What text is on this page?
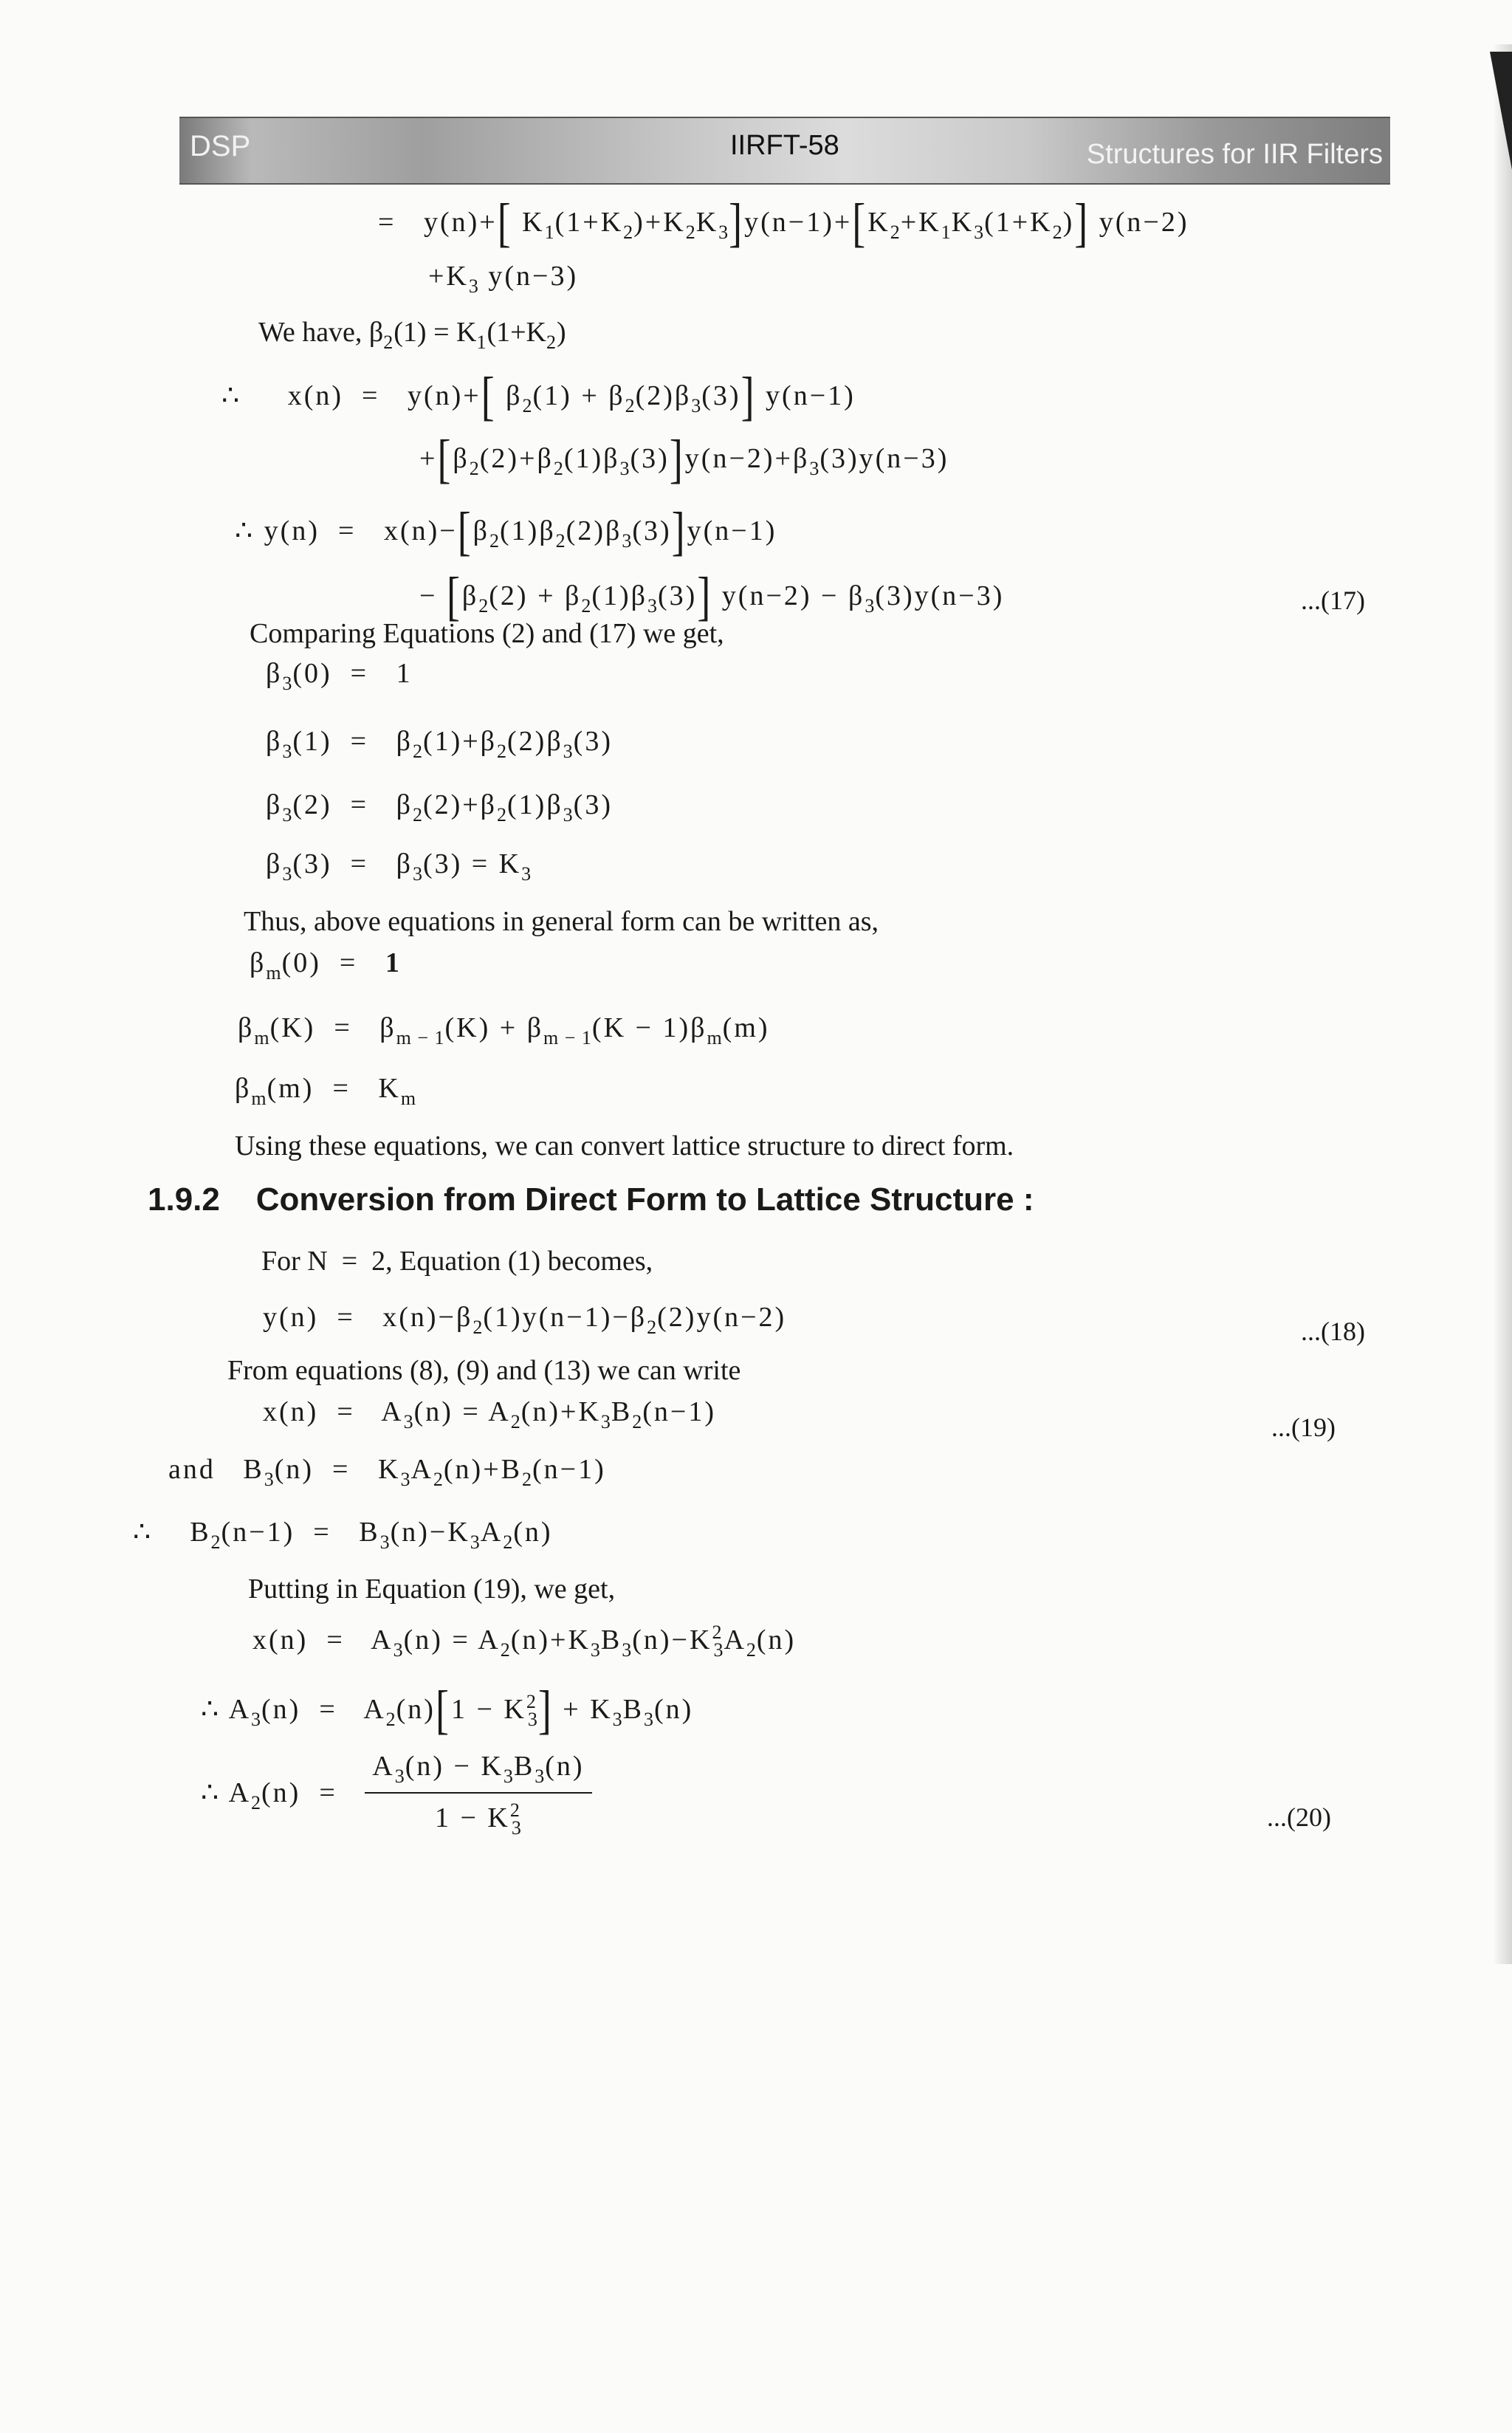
DSP	IIRFT-58	Structures for IIR Filters
= y(n)+[ $K_1(1+K_2)+K_2K_3]y(n-1)+[K_2+K_1K_3(1+K_2)]$ y(n−2)
$+K_3$ y(n−3)
We have, $\beta_2(1) = K_1(1+K_2)$
∴ x(n) = y(n)+[ $\beta_2(1) + \beta_2(2)\beta_3(3)$] y(n−1)
$+[\beta_2(2)+\beta_2(1)\beta_3(3)]y(n-2)+\beta_3(3)y(n-3)$
∴ $y(n) = x(n)-[\beta_2(1)\beta_2(2)\beta_3(3)]y(n-1)$
− $[\beta_2(2) + \beta_2(1)\beta_3(3)] y(n-2) - \beta_3(3)y(n-3)$	...(17)
Comparing Equations (2) and (17) we get,
$\beta_3(0) = 1$
$\beta_3(1) = \beta_2(1)+\beta_2(2)\beta_3(3)$
$\beta_3(2) = \beta_2(2)+\beta_2(1)\beta_3(3)$
$\beta_3(3) = \beta_3(3) = K_3$
Thus, above equations in general form can be written as,
$\beta_m(0) = 1$
$\beta_m(K) = \beta_{m - 1}(K) + \beta_{m - 1}(K - 1)\beta_m(m)$
$\beta_m(m) = K_m$
Using these equations, we can convert lattice structure to direct form.
1.9.2 Conversion from Direct Form to Lattice Structure :
For N = 2, Equation (1) becomes,
$y(n) = x(n)-\beta_2(1)y(n-1)-\beta_2(2)y(n-2)$	...(18)
From equations (8), (9) and (13) we can write
$x(n) = A_3(n) = A_2(n)+K_3B_2(n-1)$	...(19)
and $B_3(n) = K_3A_2(n)+B_2(n-1)$
∴ $B_2(n-1) = B_3(n)-K_3A_2(n)$
Putting in Equation (19), we get,
$x(n) = A_3(n) = A_2(n)+K_3B_3(n)-K^2_3A_2(n)$
∴ $A_3(n) = A_2(n)[1 - K^2_3] + K_3B_3(n)$
∴ $A_2(n) = \frac{A_3(n) - K_3B_3(n)}{1 - K^2_3}$	...(20)
